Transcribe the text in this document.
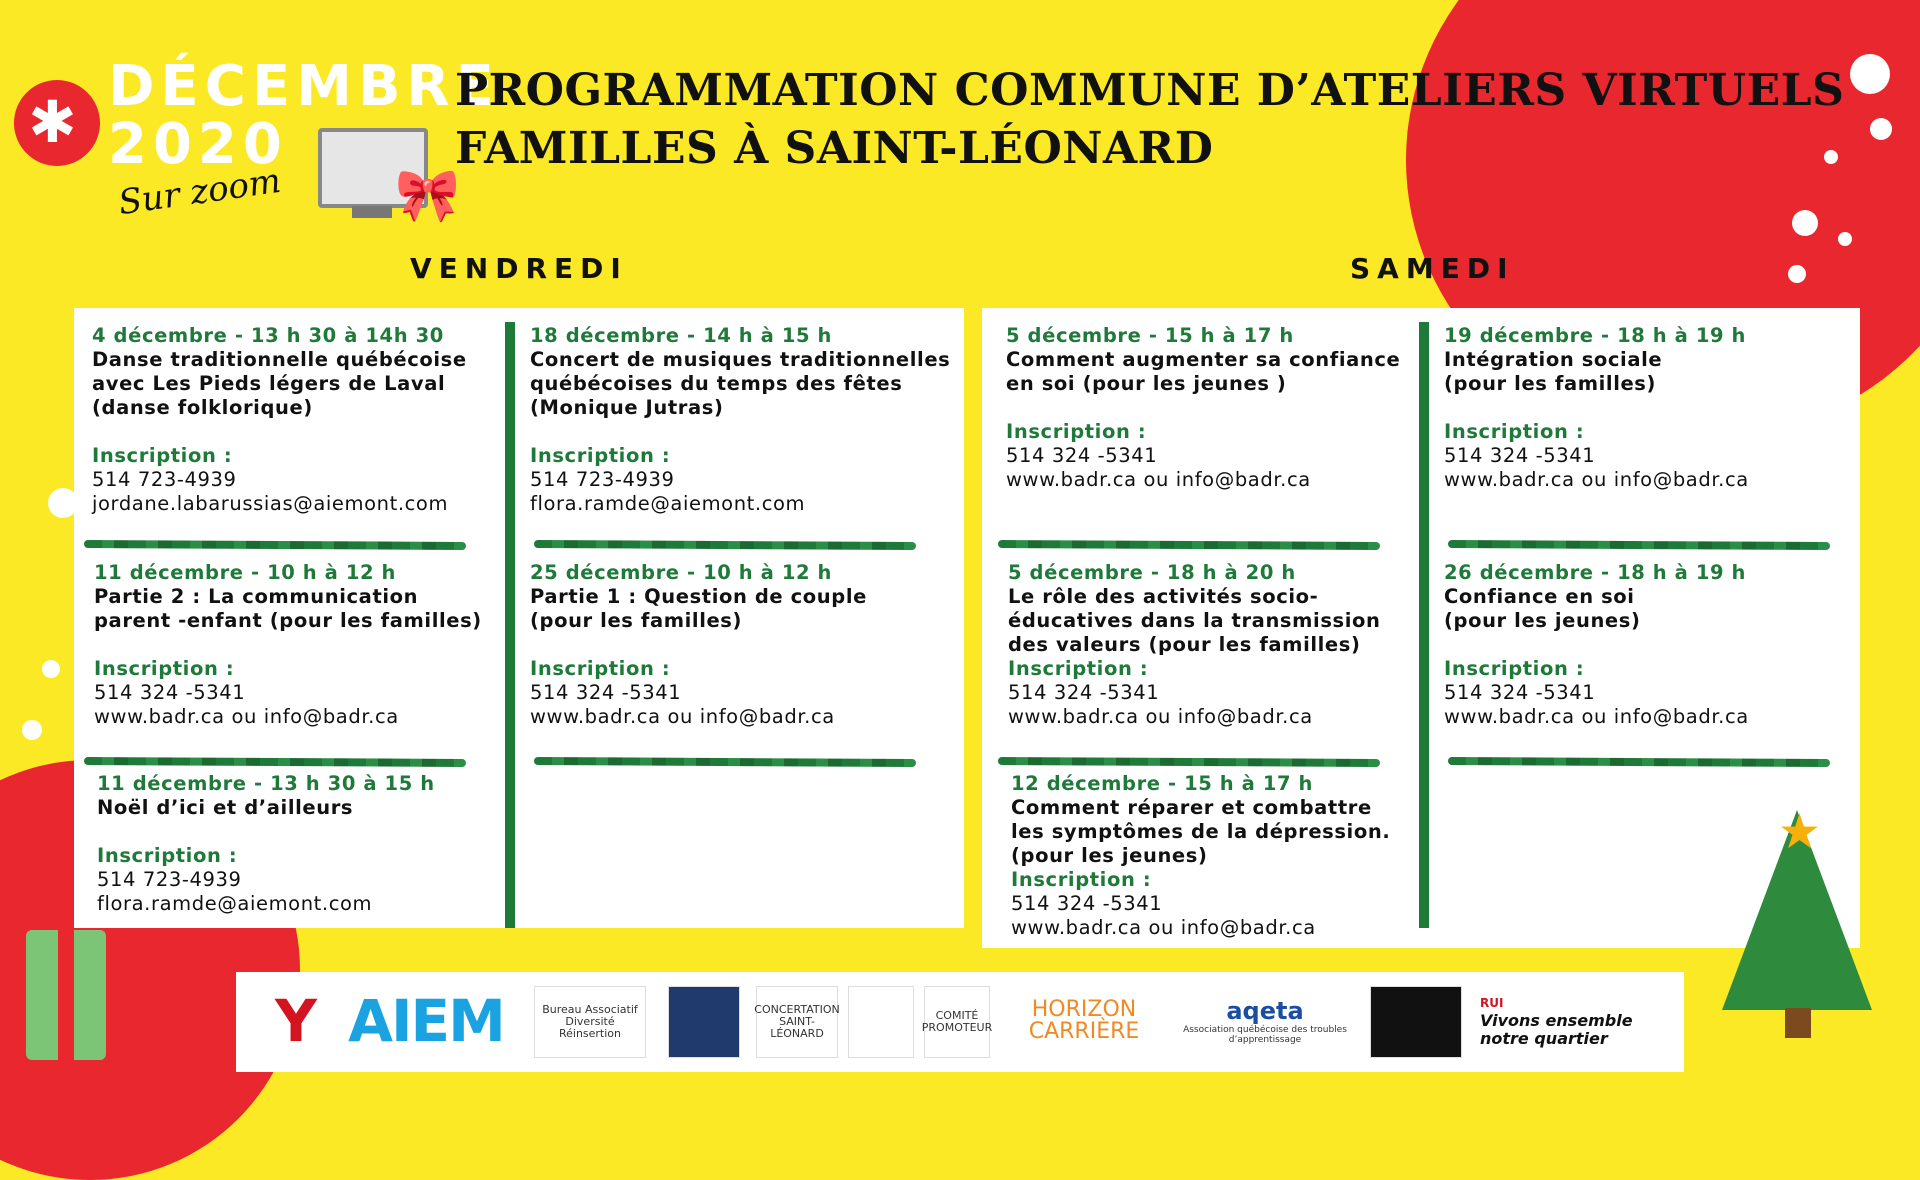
✱
DÉCEMBRE
2020
Sur zoom 🎀
PROGRAMMATION COMMUNE D’ATELIERS VIRTUELS
FAMILLES À SAINT-LÉONARD
VENDREDI	SAMEDI
4 décembre - 13 h 30 à 14h 30
Danse traditionnelle québécoise
avec Les Pieds légers de Laval
(danse folklorique)
Inscription :
514 723-4939
jordane.labarussias@aiemont.com
11 décembre - 10 h à 12 h
Partie 2 : La communication
parent -enfant (pour les familles)
Inscription :
514 324 -5341
www.badr.ca ou info@badr.ca
11 décembre - 13 h 30 à 15 h
Noël d’ici et d’ailleurs
Inscription :
514 723-4939
flora.ramde@aiemont.com
18 décembre - 14 h à 15 h
Concert de musiques traditionnelles
québécoises du temps des fêtes
(Monique Jutras)
Inscription :
514 723-4939
flora.ramde@aiemont.com
25 décembre - 10 h à 12 h
Partie 1 : Question de couple
(pour les familles)
Inscription :
514 324 -5341
www.badr.ca ou info@badr.ca
5 décembre - 15 h à 17 h
Comment augmenter sa confiance
en soi (pour les jeunes )
Inscription :
514 324 -5341
www.badr.ca ou info@badr.ca
5 décembre - 18 h à 20 h
Le rôle des activités socio-
éducatives dans la transmission
des valeurs (pour les familles)
Inscription :
514 324 -5341
www.badr.ca ou info@badr.ca
12 décembre - 15 h à 17 h
Comment réparer et combattre
les symptômes de la dépression.
(pour les jeunes)
Inscription :
514 324 -5341
www.badr.ca ou info@badr.ca
19 décembre - 18 h à 19 h
Intégration sociale
(pour les familles)
Inscription :
514 324 -5341
www.badr.ca ou info@badr.ca
26 décembre - 18 h à 19 h
Confiance en soi
(pour les jeunes)
Inscription :
514 324 -5341
www.badr.ca ou info@badr.ca
★
Y AIEM	Bureau Associatif Diversité Réinsertion
CONCERTATION SAINT-LÉONARD
COMITÉ PROMOTEUR
HORIZON
CARRIÈRE
aqeta
Association québécoise des troubles d’apprentissage
RUI
Vivons ensemble
notre quartier
